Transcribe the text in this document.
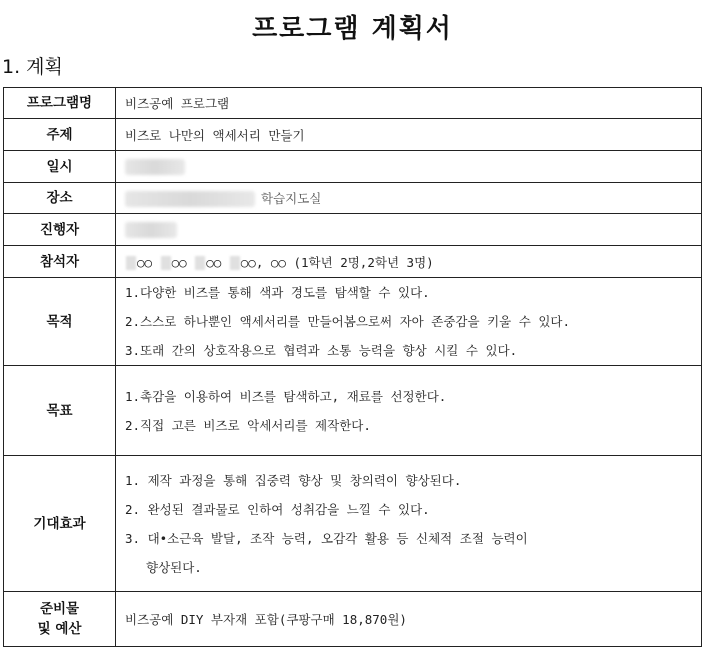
프로그램 계획서
1. 계획
프로그램명	비즈공예 프로그램
주제	비즈로 나만의 액세서리 만들기
일시	
장소	학습지도실
진행자	
참석자	○○ ○○ ○○ ○○, ○○ (1학년 2명,2학년 3명)
목적	1.다양한 비즈를 통해 색과 경도를 탐색할 수 있다.
2.스스로 하나뿐인 액세서리를 만들어봄으로써 자아 존중감을 키울 수 있다.
3.또래 간의 상호작용으로 협력과 소통 능력을 향상 시킬 수 있다.

목표	1.촉감을 이용하여 비즈를 탐색하고, 재료를 선정한다.
2.직접 고른 비즈로 악세서리를 제작한다.

기대효과	1. 제작 과정을 통해 집중력 향상 및 창의력이 향상된다.
2. 완성된 결과물로 인하여 성취감을 느낄 수 있다.
3. 대•소근육 발달, 조작 능력, 오감각 활용 등 신체적 조절 능력이
향상된다.

준비물
및 예산	비즈공예 DIY 부자재 포함(쿠팡구매 18,870원)
